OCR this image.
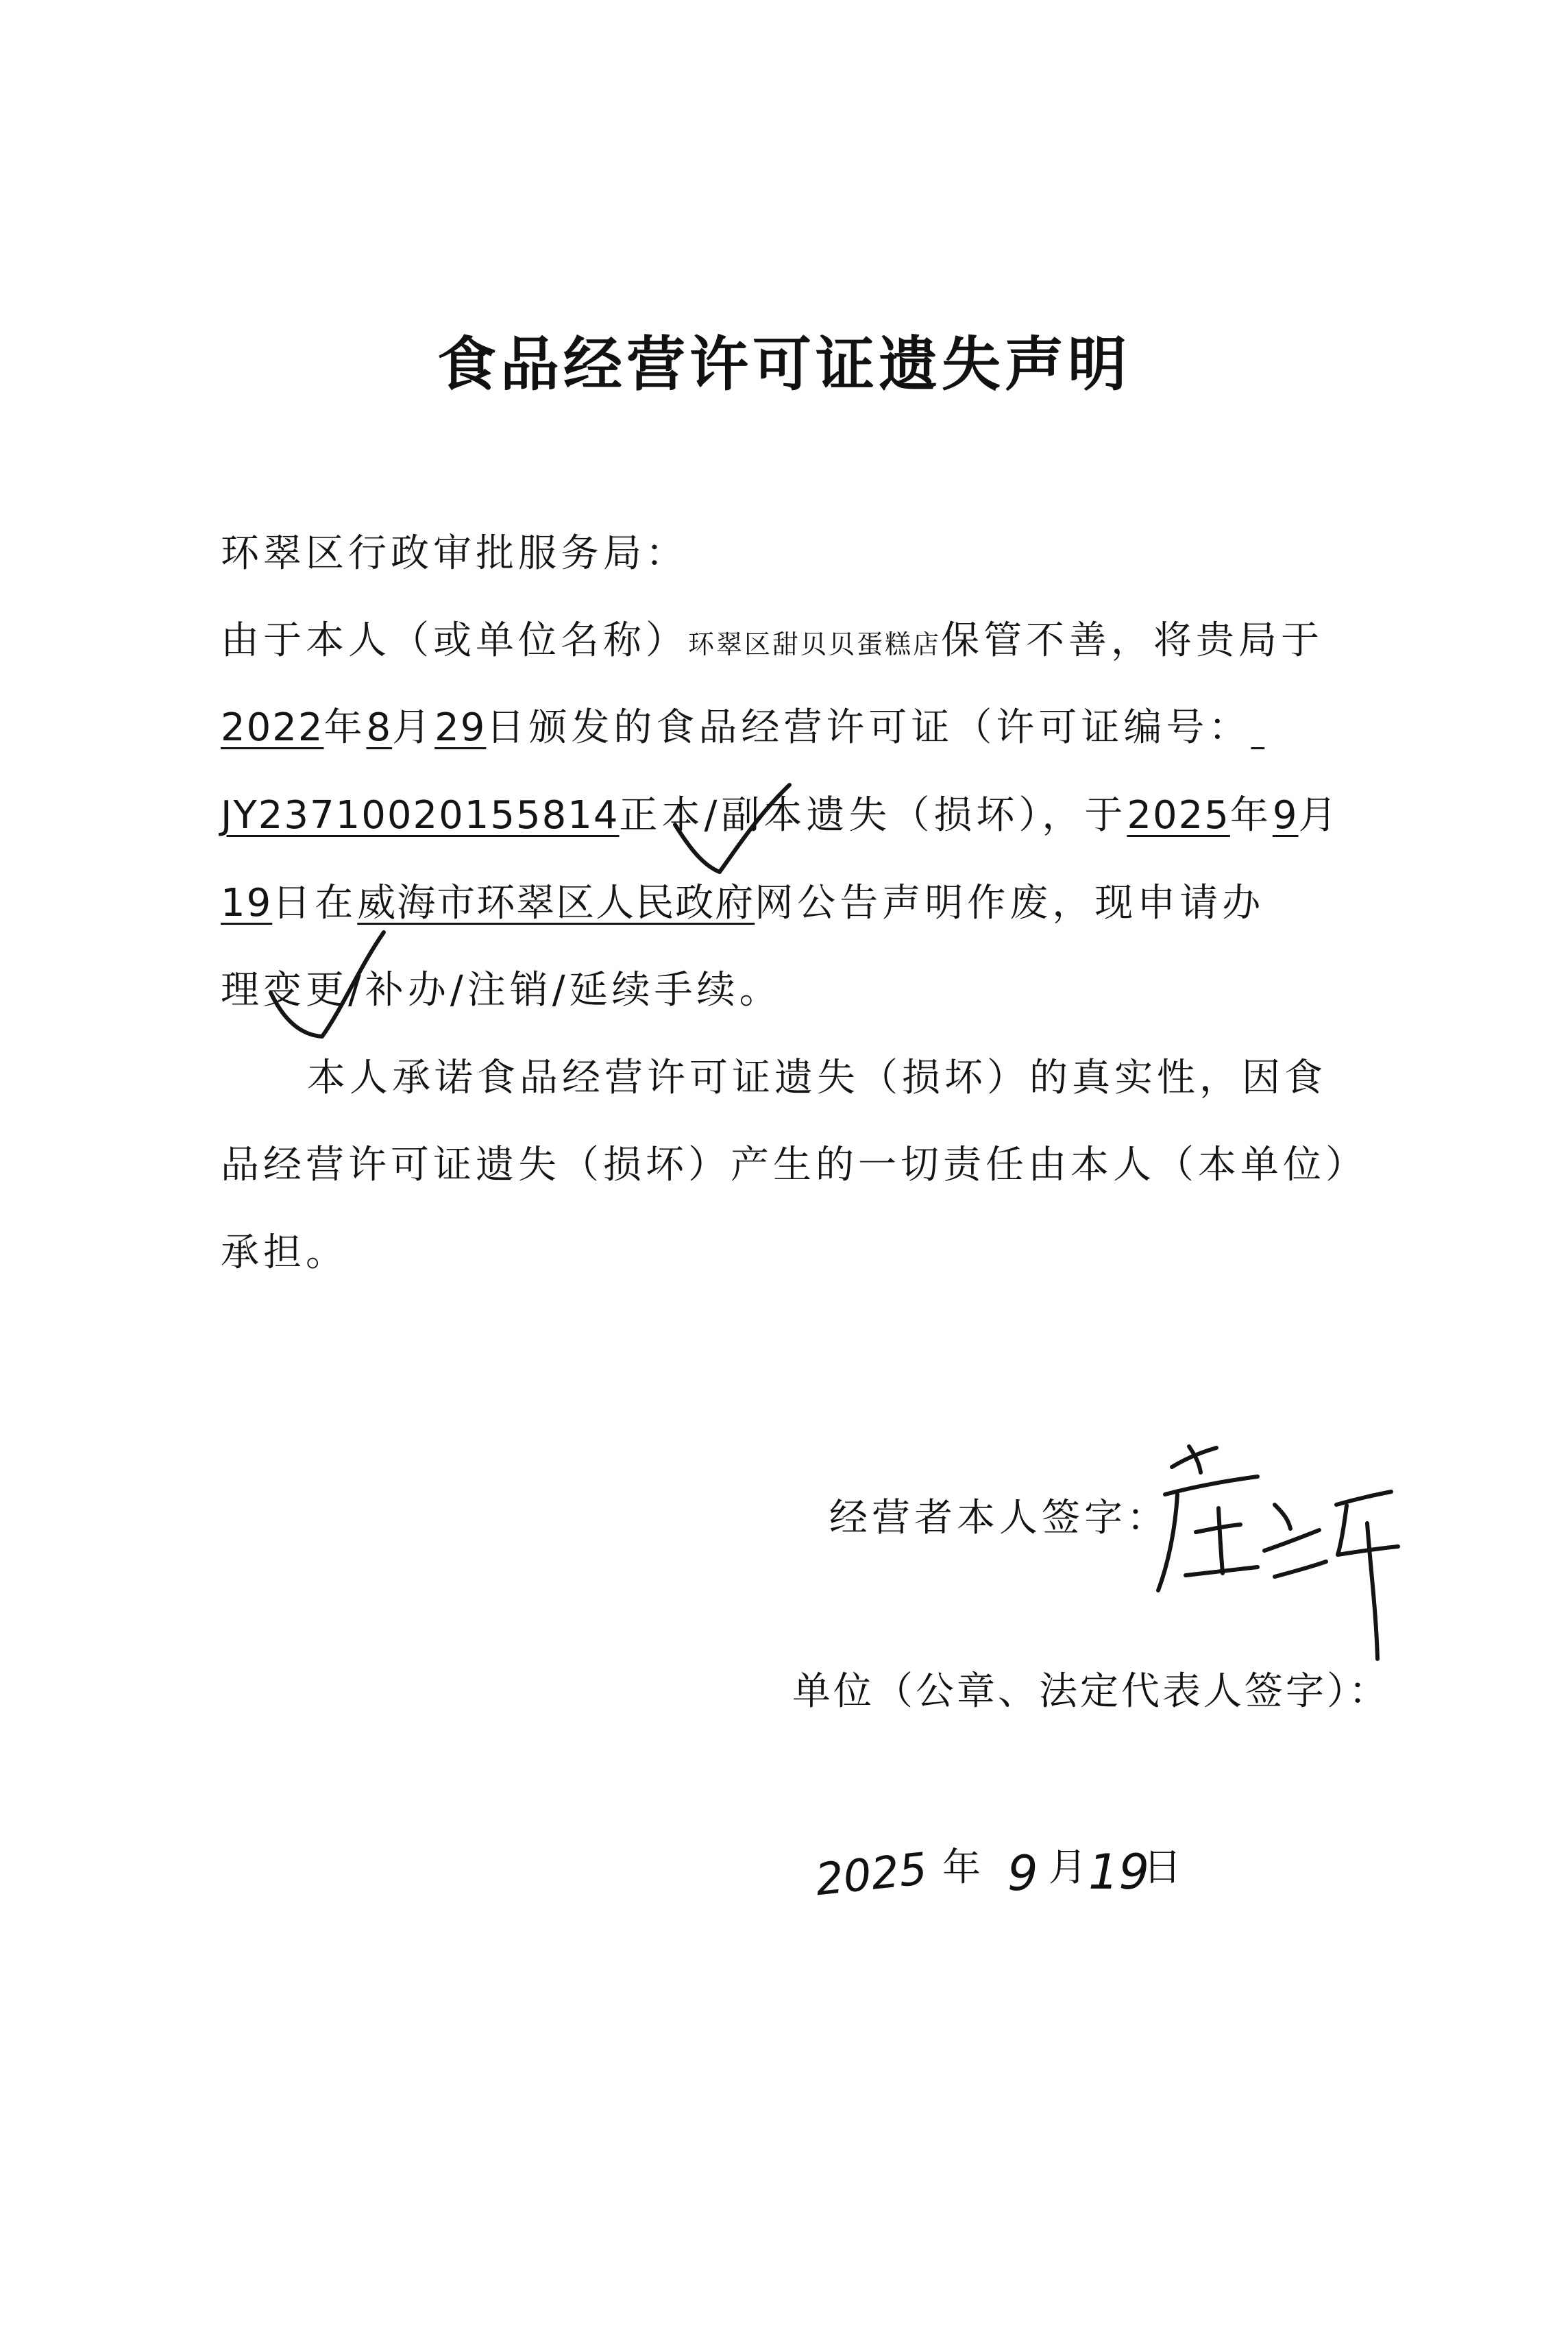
食品经营许可证遗失声明
环翠区行政审批服务局：
由于本人（或单位名称）环翠区甜贝贝蛋糕店保管不善，将贵局于
2022年8月29日颁发的食品经营许可证（许可证编号：
JY23710020155814正本/副本遗失（损坏），于2025年9月
19日在威海市环翠区人民政府网公告声明作废，现申请办
理变更/补办/注销/延续手续。
本人承诺食品经营许可证遗失（损坏）的真实性，因食
品经营许可证遗失（损坏）产生的一切责任由本人（本单位）
承担。
经营者本人签字：
单位（公章、法定代表人签字）：
2025 年 9 月 19
日
